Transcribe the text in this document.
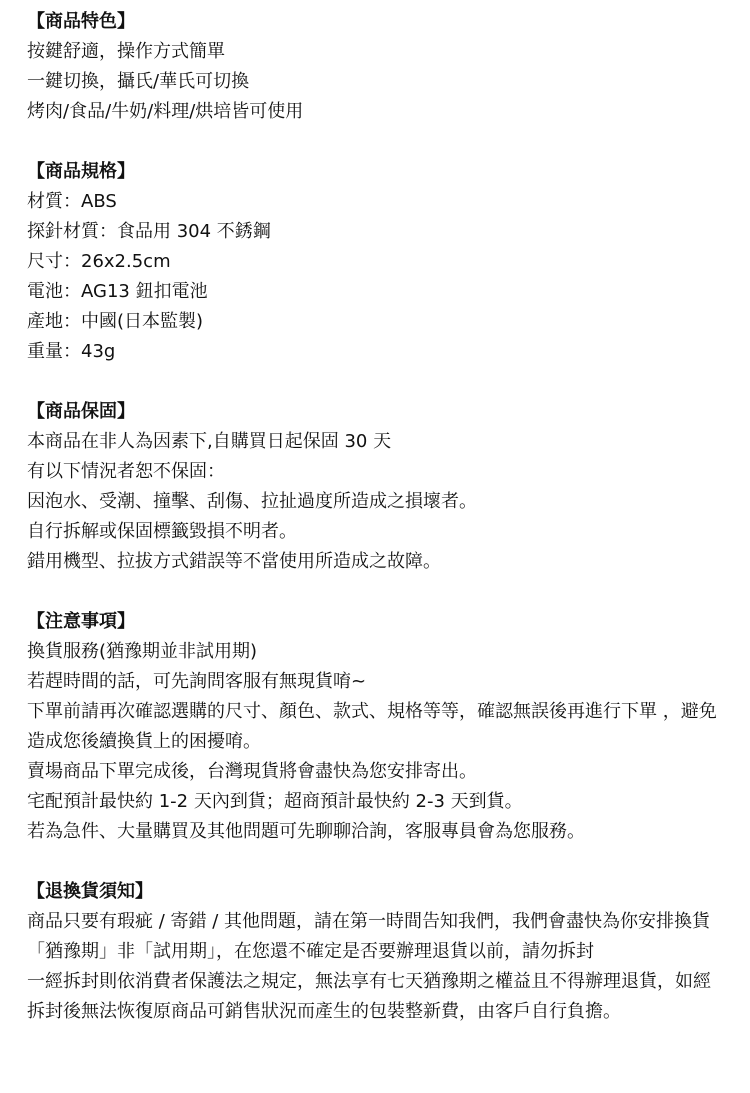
【商品特色】
按鍵舒適，操作方式簡單
一鍵切換，攝氏/華氏可切換
烤肉/食品/牛奶/料理/烘培皆可使用
【商品規格】
材質：ABS
探針材質：食品用 304 不銹鋼
尺寸：26x2.5cm
電池：AG13 鈕扣電池
產地：中國(日本監製)
重量：43g
【商品保固】
本商品在非人為因素下,自購買日起保固 30 天
有以下情況者恕不保固：
因泡水、受潮、撞擊、刮傷、拉扯過度所造成之損壞者。
自行拆解或保固標籤毀損不明者。
錯用機型、拉拔方式錯誤等不當使用所造成之故障。
【注意事項】
換貨服務(猶豫期並非試用期)
若趕時間的話，可先詢問客服有無現貨唷~
下單前請再次確認選購的尺寸、顏色、款式、規格等等，確認無誤後再進行下單 ，避免造成您後續換貨上的困擾唷。
賣場商品下單完成後，台灣現貨將會盡快為您安排寄出。
宅配預計最快約 1-2 天內到貨；超商預計最快約 2-3 天到貨。
若為急件、大量購買及其他問題可先聊聊洽詢，客服專員會為您服務。
【退換貨須知】
商品只要有瑕疵 / 寄錯 / 其他問題，請在第一時間告知我們，我們會盡快為你安排換貨
「猶豫期」非「試用期」，在您還不確定是否要辦理退貨以前，請勿拆封
一經拆封則依消費者保護法之規定，無法享有七天猶豫期之權益且不得辦理退貨，如經拆封後無法恢復原商品可銷售狀況而產生的包裝整新費，由客戶自行負擔。
